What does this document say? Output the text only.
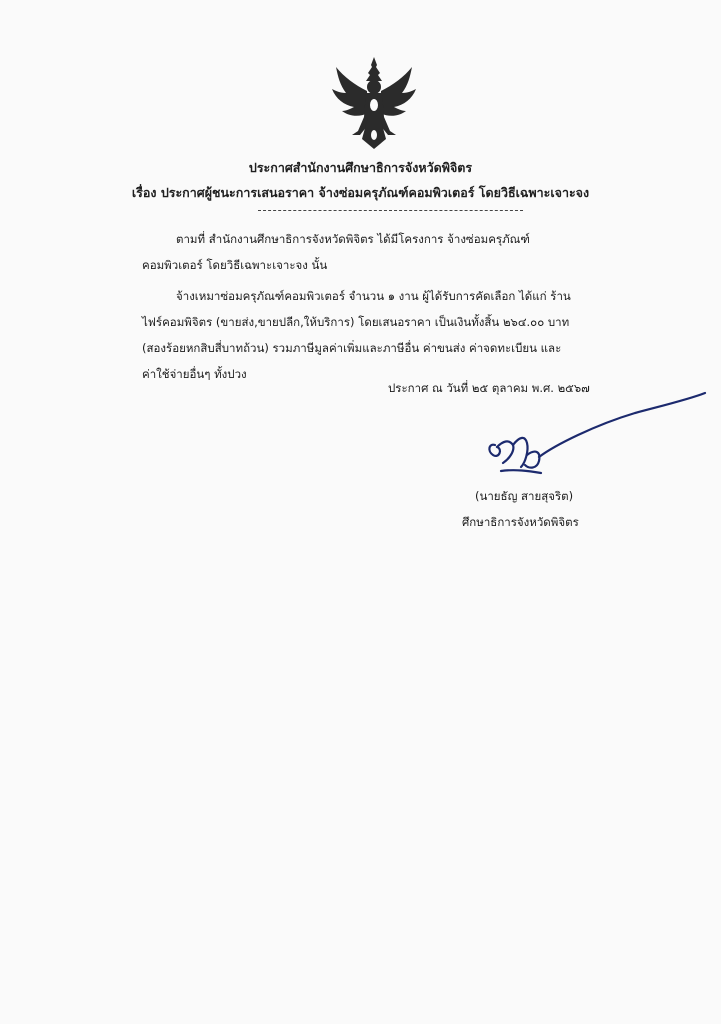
ประกาศสำนักงานศึกษาธิการจังหวัดพิจิตร
เรื่อง ประกาศผู้ชนะการเสนอราคา จ้างซ่อมครุภัณฑ์คอมพิวเตอร์ โดยวิธีเฉพาะเจาะจง
ตามที่ สำนักงานศึกษาธิการจังหวัดพิจิตร ได้มีโครงการ จ้างซ่อมครุภัณฑ์คอมพิวเตอร์ โดยวิธีเฉพาะเจาะจง นั้น
จ้างเหมาซ่อมครุภัณฑ์คอมพิวเตอร์ จำนวน ๑ งาน ผู้ได้รับการคัดเลือก ได้แก่ ร้านไฟร์คอมพิจิตร (ขายส่ง,ขายปลีก,ให้บริการ) โดยเสนอราคา เป็นเงินทั้งสิ้น ๒๖๔.๐๐ บาท (สองร้อยหกสิบสี่บาทถ้วน) รวมภาษีมูลค่าเพิ่มและภาษีอื่น ค่าขนส่ง ค่าจดทะเบียน และค่าใช้จ่ายอื่นๆ ทั้งปวง
ประกาศ ณ วันที่ ๒๕ ตุลาคม พ.ศ. ๒๕๖๗
(นายธัญ สายสุจริต)
ศึกษาธิการจังหวัดพิจิตร
